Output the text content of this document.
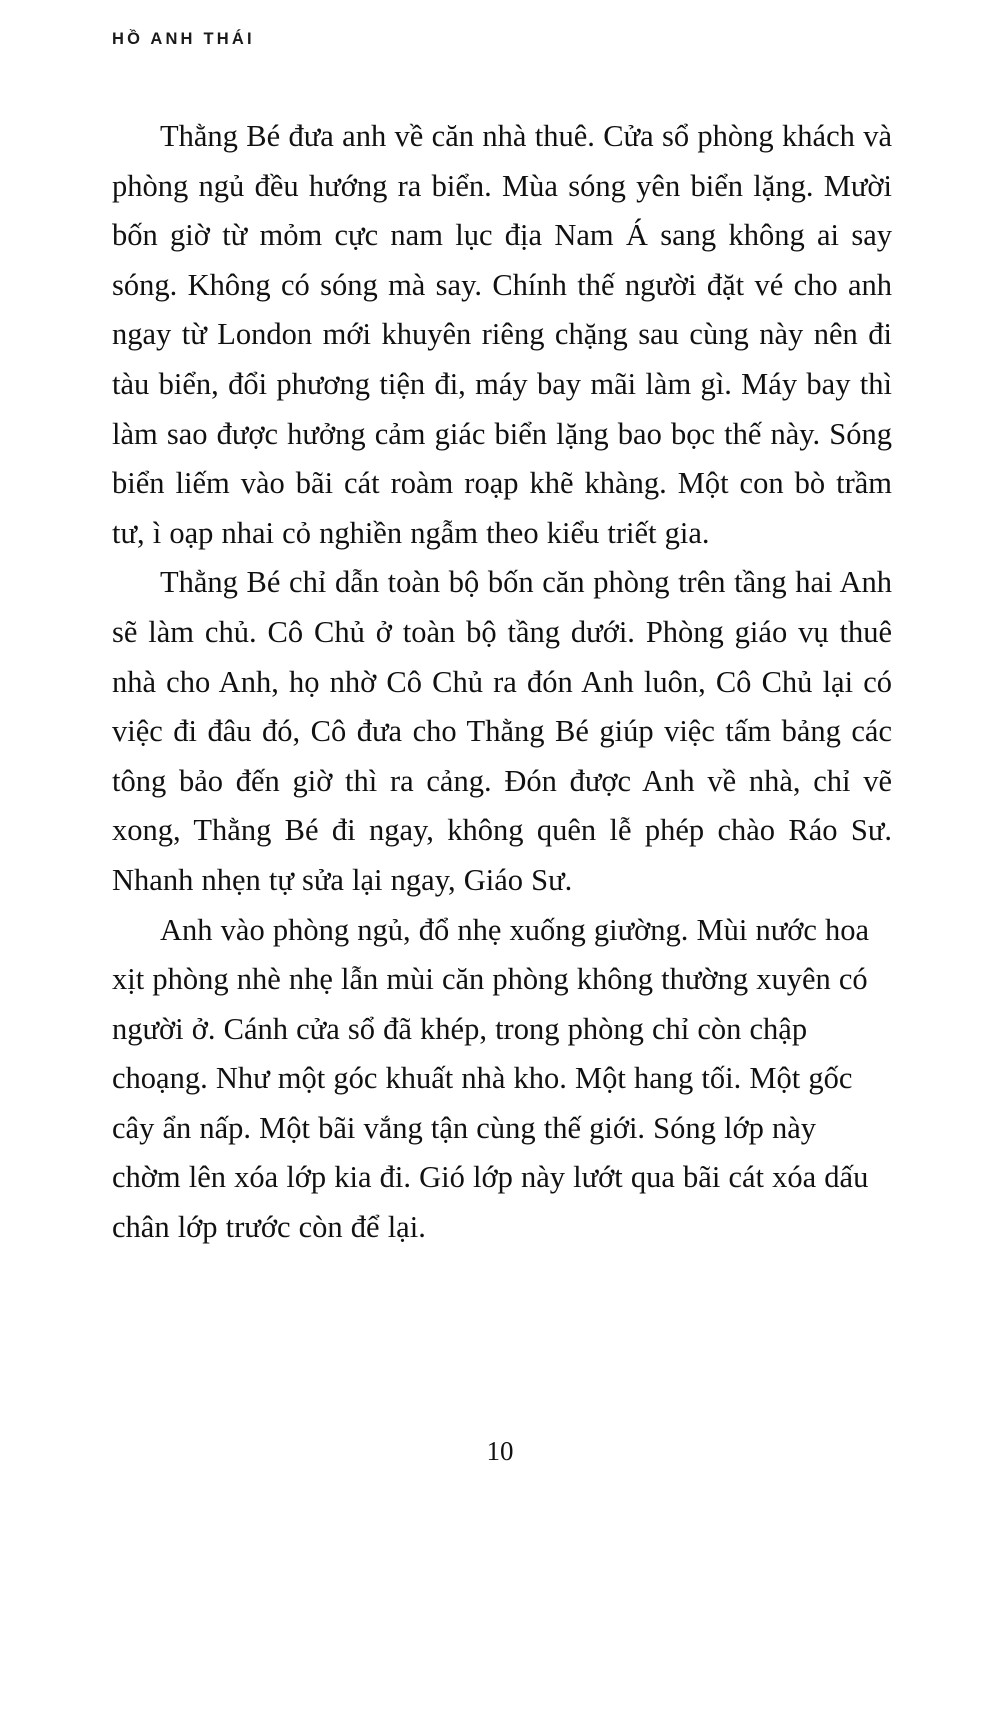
HỒ ANH THÁI

Thằng Bé đưa anh về căn nhà thuê. Cửa sổ phòng khách và phòng ngủ đều hướng ra biển. Mùa sóng yên biển lặng. Mười bốn giờ từ mỏm cực nam lục địa Nam Á sang không ai say sóng. Không có sóng mà say. Chính thế người đặt vé cho anh ngay từ London mới khuyên riêng chặng sau cùng này nên đi tàu biển, đổi phương tiện đi, máy bay mãi làm gì. Máy bay thì làm sao được hưởng cảm giác biển lặng bao bọc thế này. Sóng biển liếm vào bãi cát roàm roạp khẽ khàng. Một con bò trầm tư, ì oạp nhai cỏ nghiền ngẫm theo kiểu triết gia.

Thằng Bé chỉ dẫn toàn bộ bốn căn phòng trên tầng hai Anh sẽ làm chủ. Cô Chủ ở toàn bộ tầng dưới. Phòng giáo vụ thuê nhà cho Anh, họ nhờ Cô Chủ ra đón Anh luôn, Cô Chủ lại có việc đi đâu đó, Cô đưa cho Thằng Bé giúp việc tấm bảng các tông bảo đến giờ thì ra cảng. Đón được Anh về nhà, chỉ vẽ xong, Thằng Bé đi ngay, không quên lễ phép chào Ráo Sư. Nhanh nhẹn tự sửa lại ngay, Giáo Sư.

Anh vào phòng ngủ, đổ nhẹ xuống giường. Mùi nước hoa xịt phòng nhè nhẹ lẫn mùi căn phòng không thường xuyên có người ở. Cánh cửa sổ đã khép, trong phòng chỉ còn chập choạng. Như một góc khuất nhà kho. Một hang tối. Một gốc cây ẩn nấp. Một bãi vắng tận cùng thế giới. Sóng lớp này chờm lên xóa lớp kia đi. Gió lớp này lướt qua bãi cát xóa dấu chân lớp trước còn để lại.

10
